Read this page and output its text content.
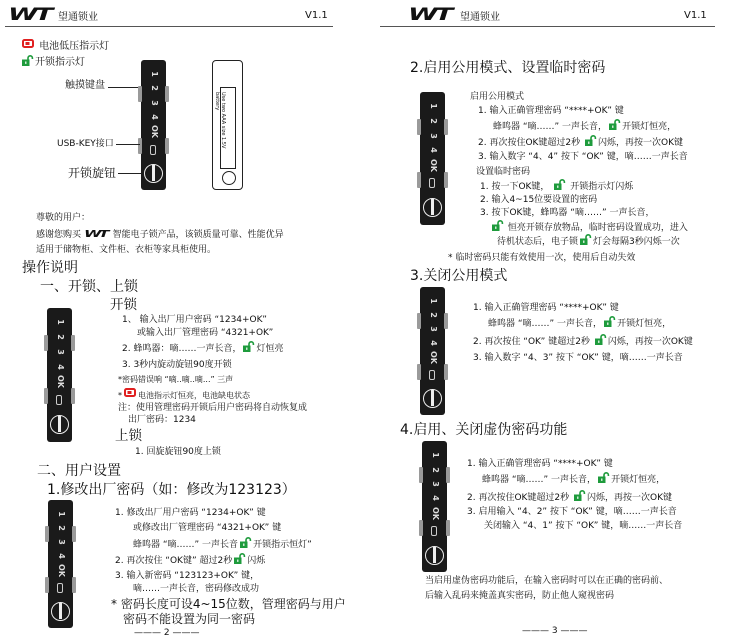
WT 望通锁业	V1.1	WT 望通锁业	V1.1
电池低压指示灯
开锁指示灯
1
2
3
4
OK	Use two AAA size 1.5V battery
触摸键盘
USB-KEY接口
开锁旋钮
尊敬的用户：
感谢您购买 WT 智能电子锁产品，该锁质量可靠、性能优异
适用于储物柜、文件柜、衣柜等家具柜使用。
操作说明
一、开锁、上锁
开锁
1
2
3
4
OK
1、 输入出厂用户密码 “1234+OK”
或输入出厂管理密码 “4321+OK”
2. 蜂鸣器：嘀……一声长音， 灯恒亮
3. 3秒内旋动旋钮90度开锁
*密码错误响 “嘀..嘀..嘀...” 三声
* 电池指示灯恒亮，电池缺电状态
注：使用管理密码开锁后用户密码将自动恢复成
出厂密码：1234
上锁
1. 回旋旋钮90度上锁
二、用户设置
1.修改出厂密码（如：修改为123123）
1
2
3
4
OK
1. 修改出厂用户密码 “1234+OK” 键
或修改出厂管理密码 “4321+OK” 键
蜂鸣器 “嘀……” 一声长音 开锁指示恒灯”
2. 再次按住 “OK键” 超过2秒 闪烁
3. 输入新密码 “123123+OK” 键，
嘀……一声长音，密码修改成功
* 密码长度可设4~15位数，管理密码与用户
密码不能设置为同一密码
——— 2 ———
2.启用公用模式、设置临时密码
1
2
3
4
OK
启用公用模式
1. 输入正确管理密码 “****+OK” 键
蜂鸣器 “嘀……” 一声长音， 开锁灯恒亮，
2. 再次按住OK键超过2秒 闪烁，再按一次OK键
3. 输入数字 “4、4” 按下 “OK” 键，嘀……一声长音
设置临时密码
1. 按一下OK键， 开锁指示灯闪烁
2. 输入4~15位要设置的密码
3. 按下OK键，蜂鸣器 “嘀……” 一声长音，
恒亮开锁存放物品，临时密码设置成功，进入
待机状态后，电子锁 灯会每隔3秒闪烁一次
* 临时密码只能有效使用一次，使用后自动失效
3.关闭公用模式
1
2
3
4
OK
1. 输入正确管理密码 “****+OK” 键
蜂鸣器 “嘀……” 一声长音， 开锁灯恒亮，
2. 再次按住 “OK” 键超过2秒 闪烁，再按一次OK键
3. 输入数字 “4、3” 按下 “OK” 键，嘀……一声长音
4.启用、关闭虚伪密码功能
1
2
3
4
OK
1. 输入正确管理密码 “****+OK” 键
蜂鸣器 “嘀……” 一声长音， 开锁灯恒亮，
2. 再次按住OK键超过2秒 闪烁，再按一次OK键
3. 启用输入 “4、2” 按下 “OK” 键，嘀……一声长音
关闭输入 “4、1” 按下 “OK” 键，嘀……一声长音
当启用虚伪密码功能后，在输入密码时可以在正确的密码前、
后输入乱码来掩盖真实密码，防止他人窥视密码
——— 3 ———
